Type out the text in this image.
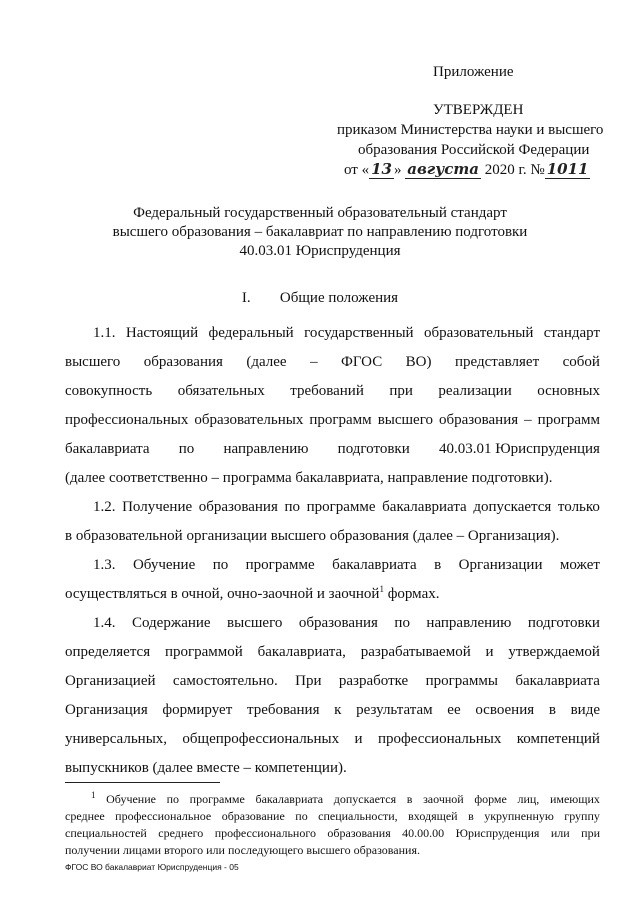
Приложение
УТВЕРЖДЕН
приказом Министерства науки и высшего
образования Российской Федерации
от « 13 » августа 2020 г. № 1011
Федеральный государственный образовательный стандарт
высшего образования – бакалавриат по направлению подготовки
40.03.01 Юриспруденция
I. Общие положения
1.1. Настоящий федеральный государственный образовательный стандарт
высшего образования (далее – ФГОС ВО) представляет собой
совокупность обязательных требований при реализации основных
профессиональных образовательных программ высшего образования – программ
бакалавриата по направлению подготовки 40.03.01 Юриспруденция
(далее соответственно – программа бакалавриата, направление подготовки).
1.2. Получение образования по программе бакалавриата допускается только
в образовательной организации высшего образования (далее – Организация).
1.3. Обучение по программе бакалавриата в Организации может
осуществляться в очной, очно-заочной и заочной$^1$ формах.
1.4. Содержание высшего образования по направлению подготовки
определяется программой бакалавриата, разрабатываемой и утверждаемой
Организацией самостоятельно. При разработке программы бакалавриата
Организация формирует требования к результатам ее освоения в виде
универсальных, общепрофессиональных и профессиональных компетенций
выпускников (далее вместе – компетенции).
$^1$ Обучение по программе бакалавриата допускается в заочной форме лиц, имеющих
среднее профессиональное образование по специальности, входящей в укрупненную группу
специальностей среднего профессионального образования 40.00.00 Юриспруденция или при
получении лицами второго или последующего высшего образования.
ФГОС ВО бакалавриат Юриспруденция - 05
